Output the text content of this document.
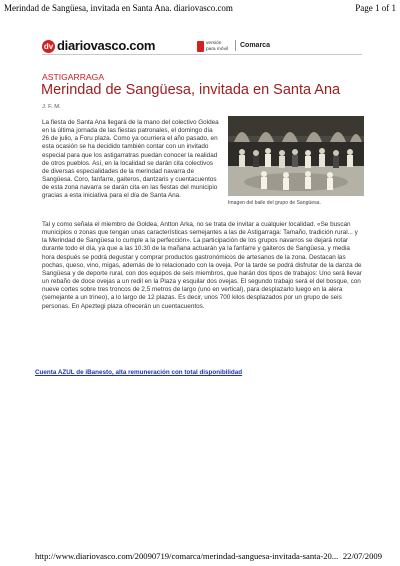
Merindad de Sangüesa, invitada en Santa Ana. diariovasco.com	Page 1 of 1
dv diariovasco.com	versión
para móvil	Comarca
ASTIGARRAGA
Merindad de Sangüesa, invitada en Santa Ana
J. F. M.

La fiesta de Santa Ana llegará de la mano del colectivo Goldea en la última jornada de las fiestas patronales, el domingo día 26 de julio, a Foru plaza. Como ya ocurriera el año pasado, en esta ocasión se ha decidido también contar con un invitado especial para que los astigarratras puedan conocer la realidad de otros pueblos. Así, en la localidad se darán cita colectivos de diversas especialidades de la merindad navarra de Sangüesa. Coro, fanfarre, gaiteros, dantzaris y cuentacuentos de esta zona navarra se darán cita en las fiestas del municipio gracias a esta iniciativa para el día de Santa Ana.

Imagen del baile del grupo de Sangüesa.

Tal y como señala el miembro de Goldea, Antton Arka, no se trata de invitar a cualquier localidad. «Se buscan municipios o zonas que tengan unas características semejantes a las de Astigarraga: Tamaño, tradición rural... y la Merindad de Sangüesa lo cumple a la perfección». La participación de los grupos navarros se dejará notar durante todo el día, ya que a las 10.30 de la mañana actuarán ya la fanfarre y gaiteros de Sangüesa, y media hora después se podrá degustar y comprar productos gastronómicos de artesanos de la zona. Destacan las pochas, queso, vino, migas, además de lo relacionado con la oveja. Por la tarde se podrá disfrutar de la danza de Sangüesa y de deporte rural, con dos equipos de seis miembros, que harán dos tipos de trabajos: Uno será llevar un rebaño de doce ovejas a un redil en la Plaza y esquilar dos ovejas. El segundo trabajo será el del bosque, con nueve cortes sobre tres troncos de 2,5 metros de largo (uno en vertical), para desplazarlo luego en la alera (semejante a un trineo), a lo largo de 12 plazas. Es decir, unos 700 kilos desplazados por un grupo de seis personas. En Apeztegi plaza ofrecerán un cuentacuentos.

Cuenta AZUL de iBanesto, alta remuneración con total disponibilidad
http://www.diariovasco.com/20090719/comarca/merindad-sanguesa-invitada-santa-20... 22/07/2009
